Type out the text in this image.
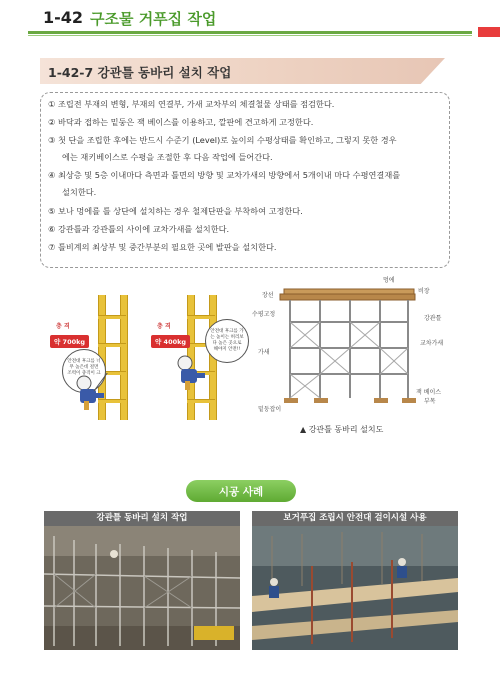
1-42 구조물 거푸집 작업
1-42-7 강관틀 동바리 설치 작업
① 조립전 부재의 변형, 부재의 연결부, 가새 교차부의 체결철물 상태를 점검한다.
② 바닥과 접하는 밑둥은 잭 베이스를 이용하고, 깔판에 견고하게 고정한다.
③ 첫 단을 조립한 후에는 반드시 수준기 (Level)로 높이의 수평상태를 확인하고, 그렇지 못한 경우
에는 재키베이스로 수평을 조절한 후 다음 작업에 들어간다.
④ 최상층 및 5층 이내마다 측면과 틀면의 방향 및 교차가새의 방향에서 5개이내 마다 수평연결재를
설치한다.
⑤ 보나 멍에를 틀 상단에 설치하는 경우 철제단판을 부착하여 고정한다.
⑥ 강관틀과 강관틀의 사이에 교차가새를 설치한다.
⑦ 틀비계의 최상부 및 중간부분의 필요한 곳에 발판을 설치한다.
충 격
약 700kg
안전대 후크를 너무 높은데 걸면 조력이 충격이 크
충 격
약 400kg
안전대 후크를 가는 높이는 허리보다 높은 곳으로 해야지 안전!!
멍에
장선
비장
수평고정
강관틀
교차가새
가새
잭 베이스
부목
밑둥잡이
▲ 강관틀 동바리 설치도
시공 사례
강관틀 동바리 설치 작업	보거푸집 조립시 안전대 걸이시설 사용
